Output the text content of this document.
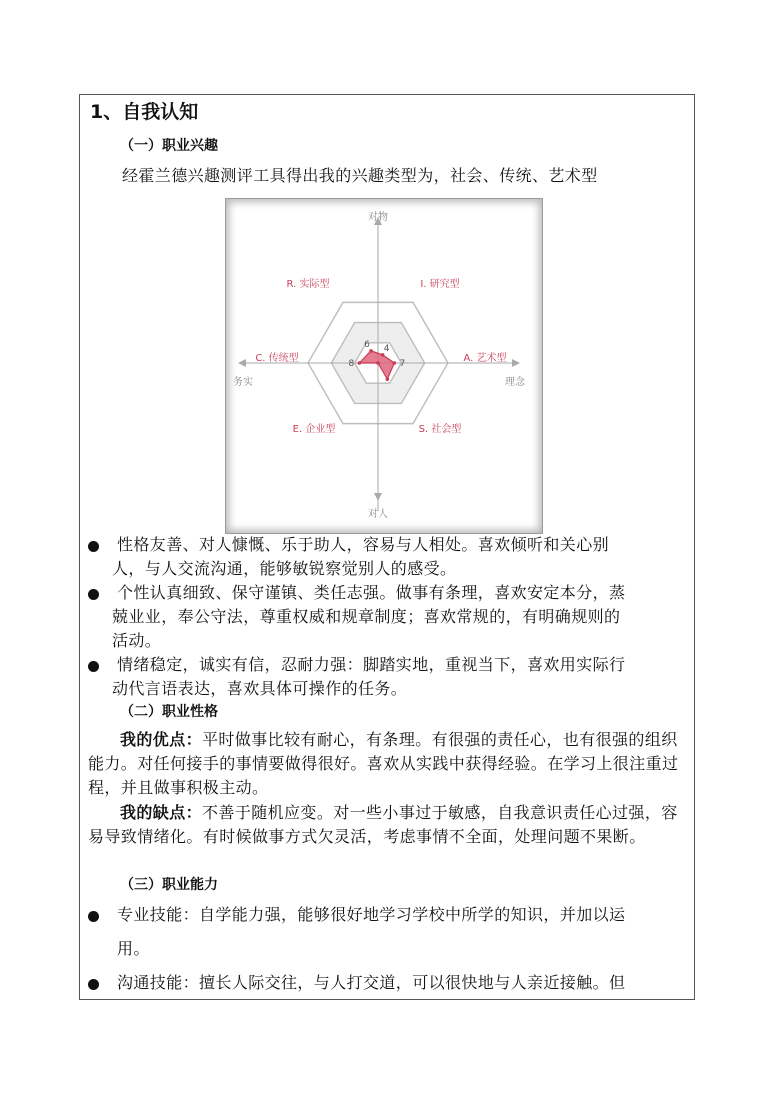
1、自我认知

（一）职业兴趣

经霍兰德兴趣测评工具得出我的兴趣类型为，社会、传统、艺术型

6 4
7
8
R. 实际型	I. 研究型
A. 艺术型
S. 社会型
E. 企业型
C. 传统型
对物
对人
务实	理念

性格友善、对人慷慨、乐于助人，容易与人相处。喜欢倾听和关心别

人，与人交流沟通，能够敏锐察觉别人的感受。

个性认真细致、保守谨镇、类任志强。做事有条理，喜欢安定本分，蒸

兢业业，奉公守法，尊重权威和规章制度；喜欢常规的，有明确规则的

活动。

情绪稳定，诚实有信，忍耐力强：脚踏实地，重视当下，喜欢用实际行

动代言语表达，喜欢具体可操作的任务。

（二）职业性格

我的优点：平时做事比较有耐心，有条理。有很强的责任心，也有很强的组织能力。对任何接手的事情要做得很好。喜欢从实践中获得经验。在学习上很注重过程，并且做事积极主动。

我的缺点：不善于随机应变。对一些小事过于敏感，自我意识责任心过强，容易导致情绪化。有时候做事方式欠灵活，考虑事情不全面，处理问题不果断。

（三）职业能力

专业技能：自学能力强，能够很好地学习学校中所学的知识，并加以运

用。

沟通技能：擅长人际交往，与人打交道，可以很快地与人亲近接触。但
